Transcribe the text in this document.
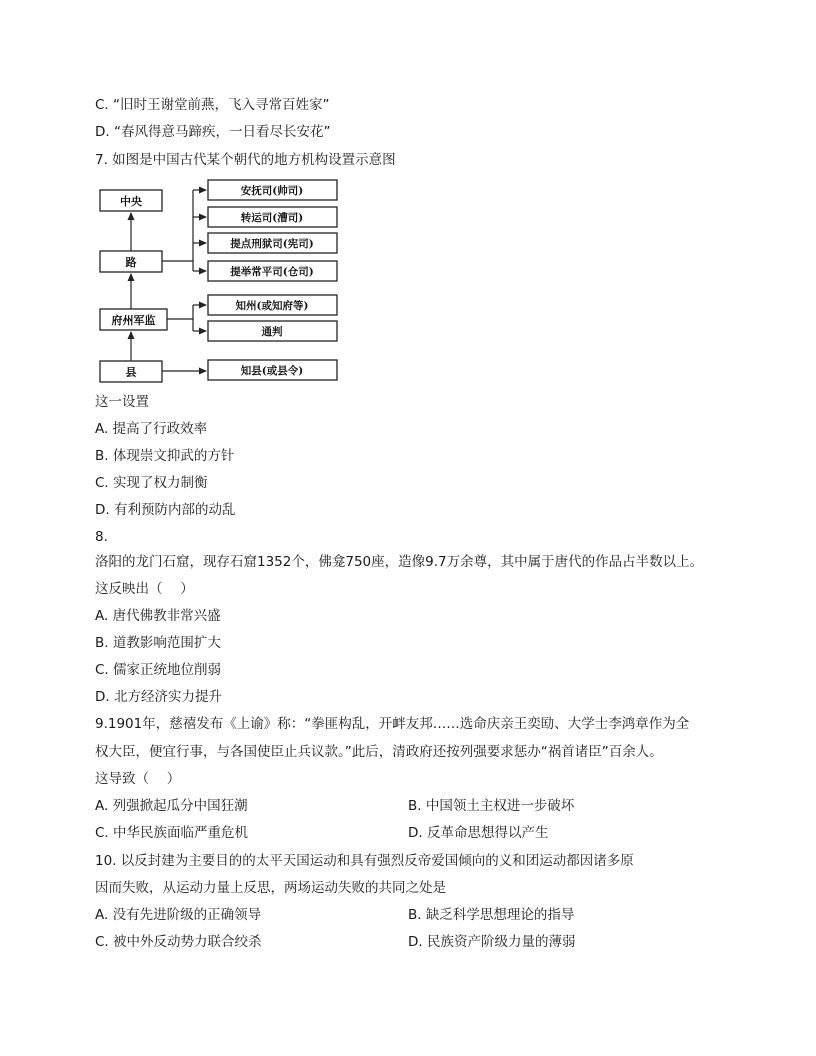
C. “旧时王谢堂前燕，飞入寻常百姓家”
D. “春风得意马蹄疾，一日看尽长安花”
7. 如图是中国古代某个朝代的地方机构设置示意图
中央
路
府州军监
县
安抚司(帅司)
转运司(漕司)
提点刑狱司(宪司)
提举常平司(仓司)
知州(或知府等)
通判
知县(或县令)
这一设置
A. 提高了行政效率
B. 体现崇文抑武的方针
C. 实现了权力制衡
D. 有利预防内部的动乱
8.
洛阳的龙门石窟，现存石窟1352个，佛龛750座，造像9.7万余尊，其中属于唐代的作品占半数以上。
这反映出（　 ）
A. 唐代佛教非常兴盛
B. 道教影响范围扩大
C. 儒家正统地位削弱
D. 北方经济实力提升
9.1901年，慈禧发布《上谕》称：“拳匪构乱，开衅友邦……选命庆亲王奕劻、大学士李鸿章作为全
权大臣，便宜行事，与各国使臣止兵议款。”此后，清政府还按列强要求惩办“祸首诸臣”百余人。
这导致（　 ）
A. 列强掀起瓜分中国狂潮	B. 中国领土主权进一步破坏
C. 中华民族面临严重危机	D. 反革命思想得以产生
10. 以反封建为主要目的的太平天国运动和具有强烈反帝爱国倾向的义和团运动都因诸多原
因而失败，从运动力量上反思，两场运动失败的共同之处是
A. 没有先进阶级的正确领导	B. 缺乏科学思想理论的指导
C. 被中外反动势力联合绞杀	D. 民族资产阶级力量的薄弱
